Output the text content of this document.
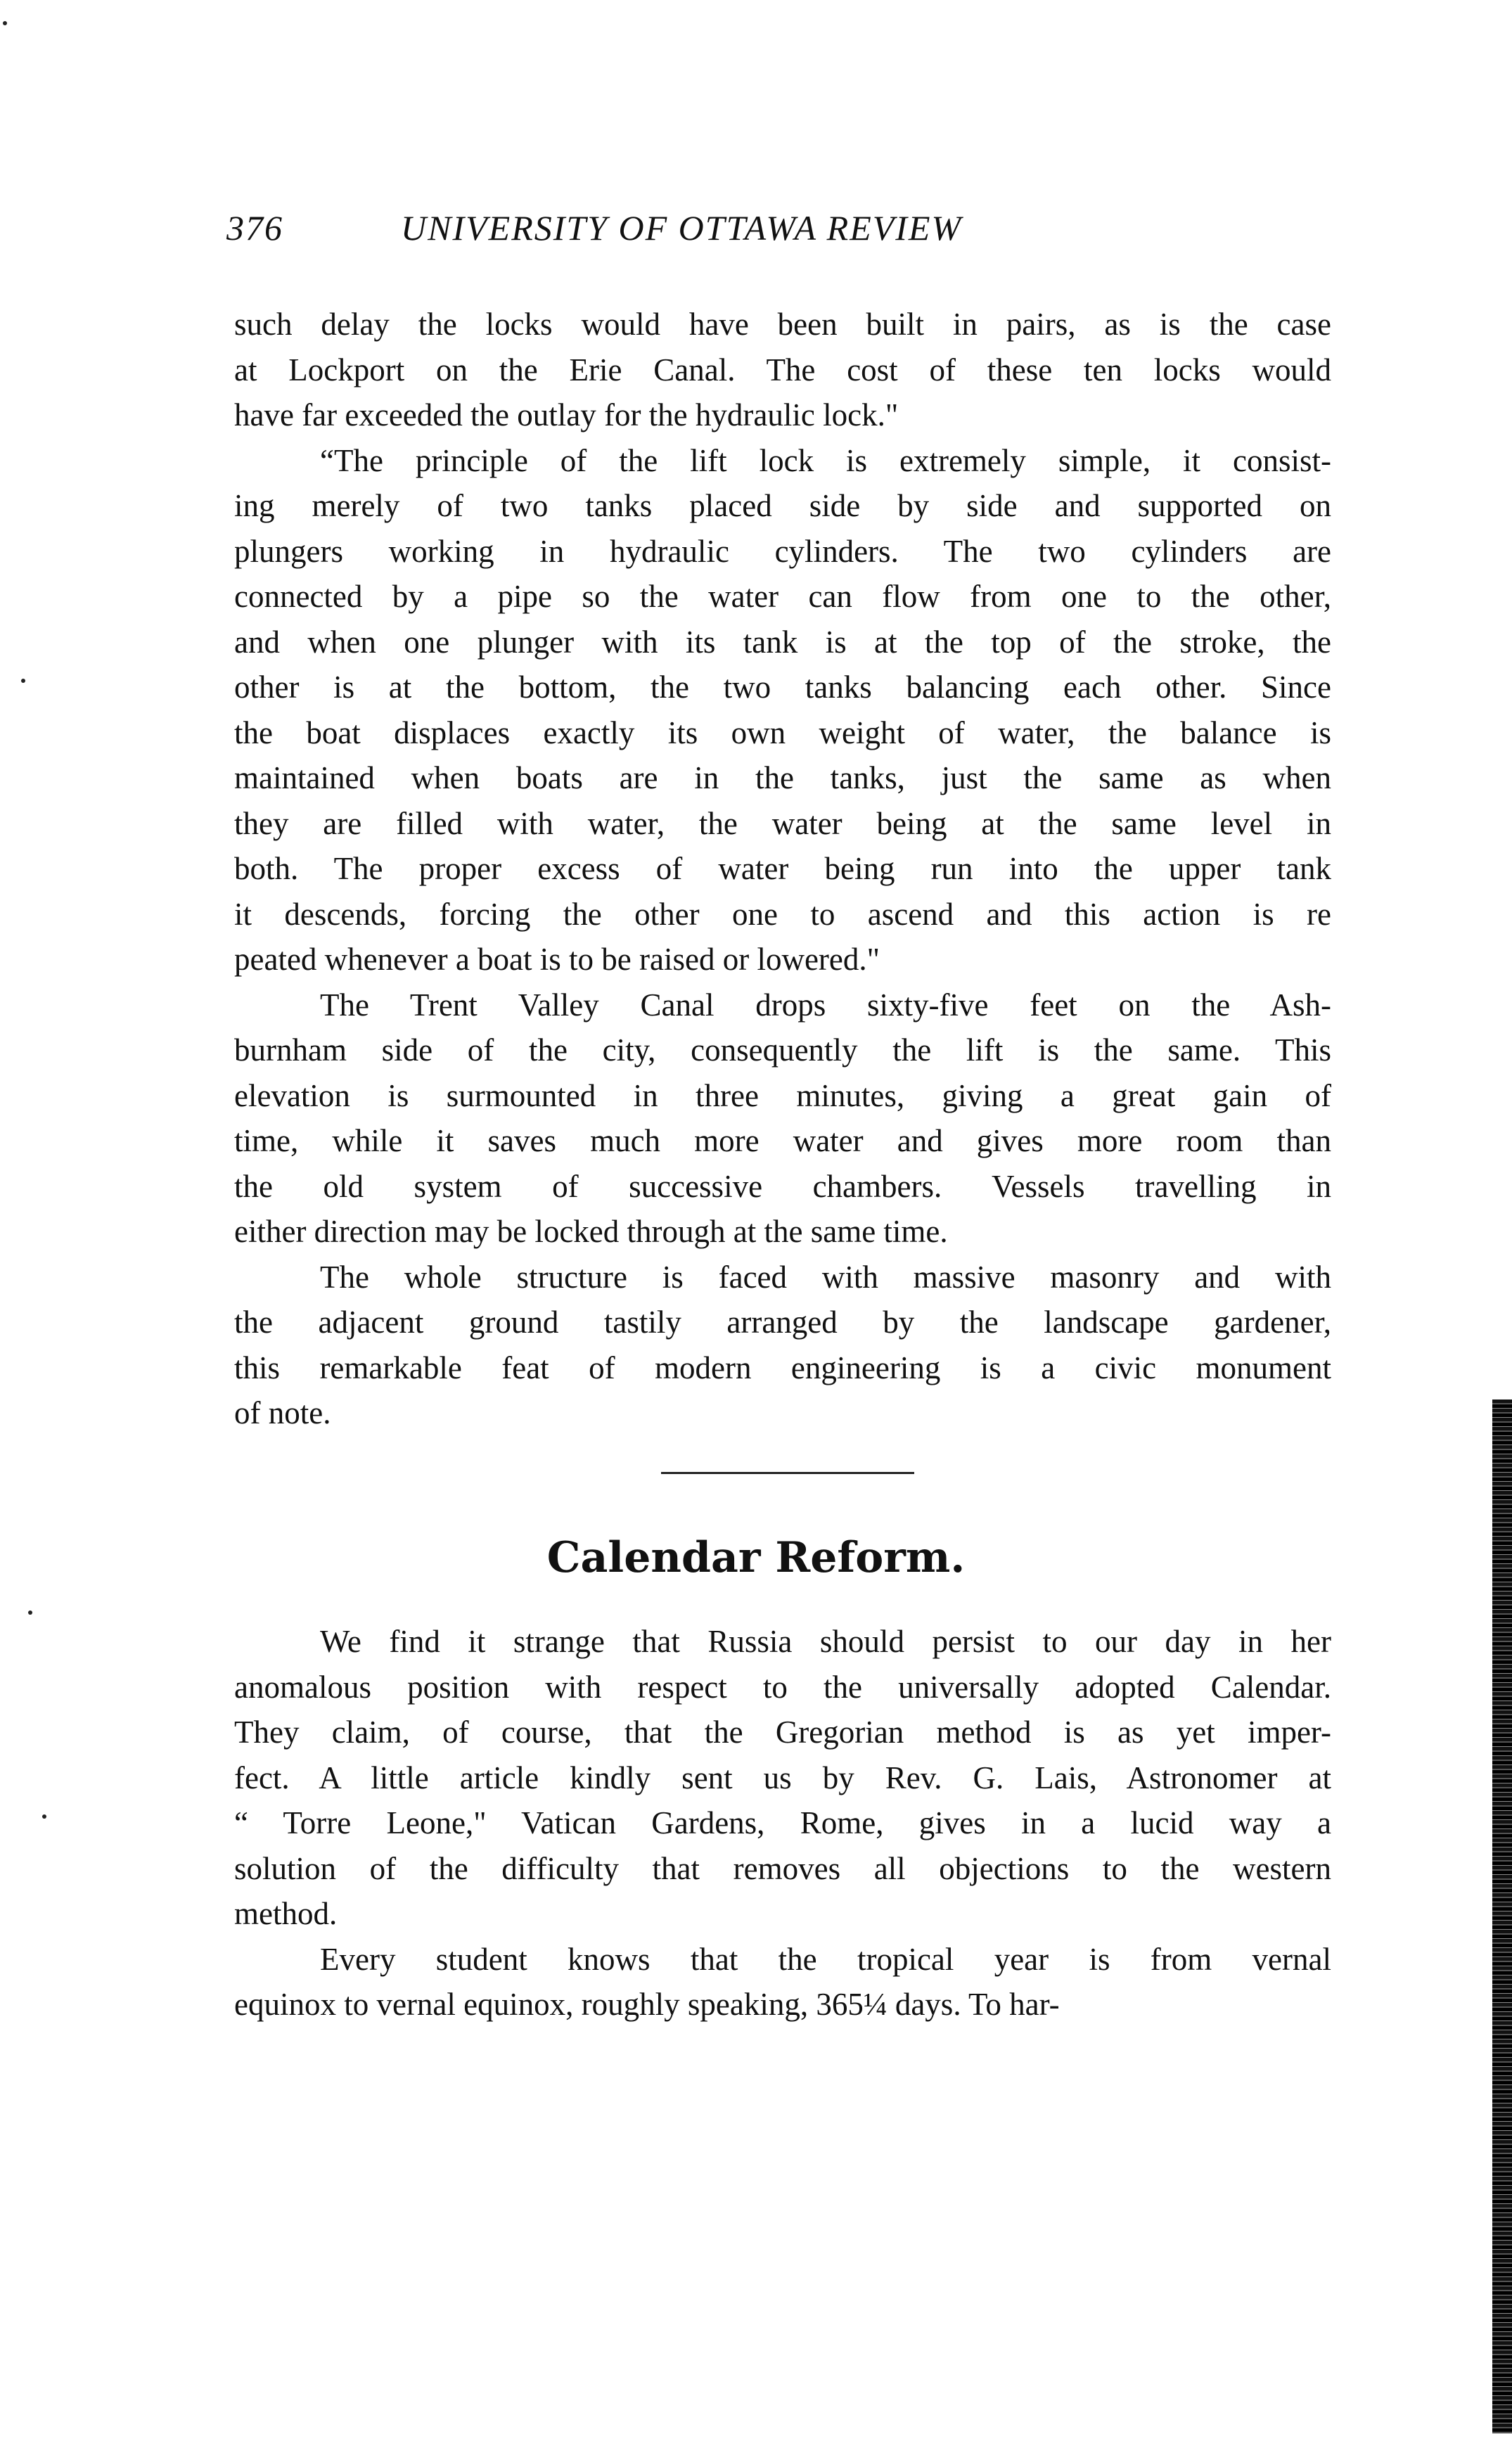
376	UNIVERSITY OF OTTAWA REVIEW
such delay the locks would have been built in pairs, as is the case
at Lockport on the Erie Canal. The cost of these ten locks would
have far exceeded the outlay for the hydraulic lock."
“The principle of the lift lock is extremely simple, it consist-
ing merely of two tanks placed side by side and supported on
plungers working in hydraulic cylinders. The two cylinders are
connected by a pipe so the water can flow from one to the other,
and when one plunger with its tank is at the top of the stroke, the
other is at the bottom, the two tanks balancing each other. Since
the boat displaces exactly its own weight of water, the balance is
maintained when boats are in the tanks, just the same as when
they are filled with water, the water being at the same level in
both. The proper excess of water being run into the upper tank
it descends, forcing the other one to ascend and this action is re
peated whenever a boat is to be raised or lowered."
The Trent Valley Canal drops sixty-five feet on the Ash-
burnham side of the city, consequently the lift is the same. This
elevation is surmounted in three minutes, giving a great gain of
time, while it saves much more water and gives more room than
the old system of successive chambers. Vessels travelling in
either direction may be locked through at the same time.
The whole structure is faced with massive masonry and with
the adjacent ground tastily arranged by the landscape gardener,
this remarkable feat of modern engineering is a civic monument
of note.
Calendar Reform.
We find it strange that Russia should persist to our day in her
anomalous position with respect to the universally adopted Calendar.
They claim, of course, that the Gregorian method is as yet imper-
fect. A little article kindly sent us by Rev. G. Lais, Astronomer at
“ Torre Leone," Vatican Gardens, Rome, gives in a lucid way a
solution of the difficulty that removes all objections to the western
method.
Every student knows that the tropical year is from vernal
equinox to vernal equinox, roughly speaking, 365¼ days. To har-
